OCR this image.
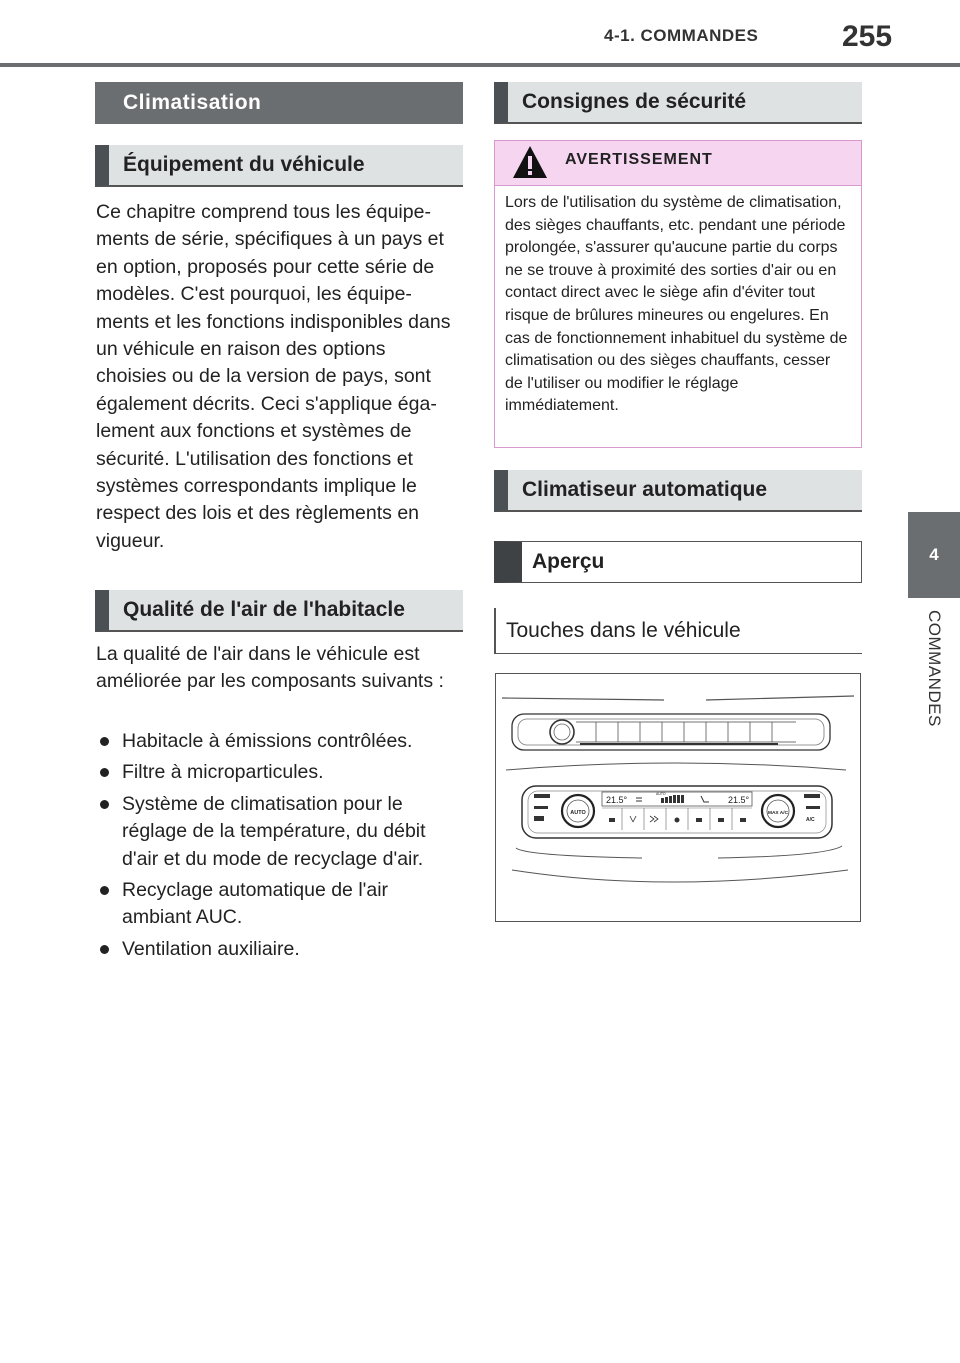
4-1. COMMANDES	255
4
COMMANDES
Climatisation
Équipement du véhicule
Ce chapitre comprend tous les équipements de série, spécifiques à un pays et en option, proposés pour cette série de modèles. C'est pourquoi, les équipements et les fonctions indisponibles dans un véhicule en raison des options choisies ou de la version de pays, sont également décrits. Ceci s'applique également aux fonctions et systèmes de sécurité. L'utilisation des fonctions et systèmes correspondants implique le respect des lois et des règlements en vigueur.
Qualité de l'air de l'habitacle
La qualité de l'air dans le véhicule est améliorée par les composants suivants :
Habitacle à émissions contrôlées.
Filtre à microparticules.
Système de climatisation pour le réglage de la température, du débit d'air et du mode de recyclage d'air.
Recyclage automatique de l'air ambiant AUC.
Ventilation auxiliaire.
Consignes de sécurité
AVERTISSEMENT
Lors de l'utilisation du système de climatisation, des sièges chauffants, etc. pendant une période prolongée, s'assurer qu'aucune partie du corps ne se trouve à proximité des sorties d'air ou en contact direct avec le siège afin d'éviter tout risque de brûlures mineures ou engelures. En cas de fonctionnement inhabituel du système de climatisation ou des sièges chauffants, cesser de l'utiliser ou modifier le réglage immédiatement.
Climatiseur automatique
Aperçu
Touches dans le véhicule
AUTO	MAX A/C
21.5°	21.5°
AUTO
A/C
